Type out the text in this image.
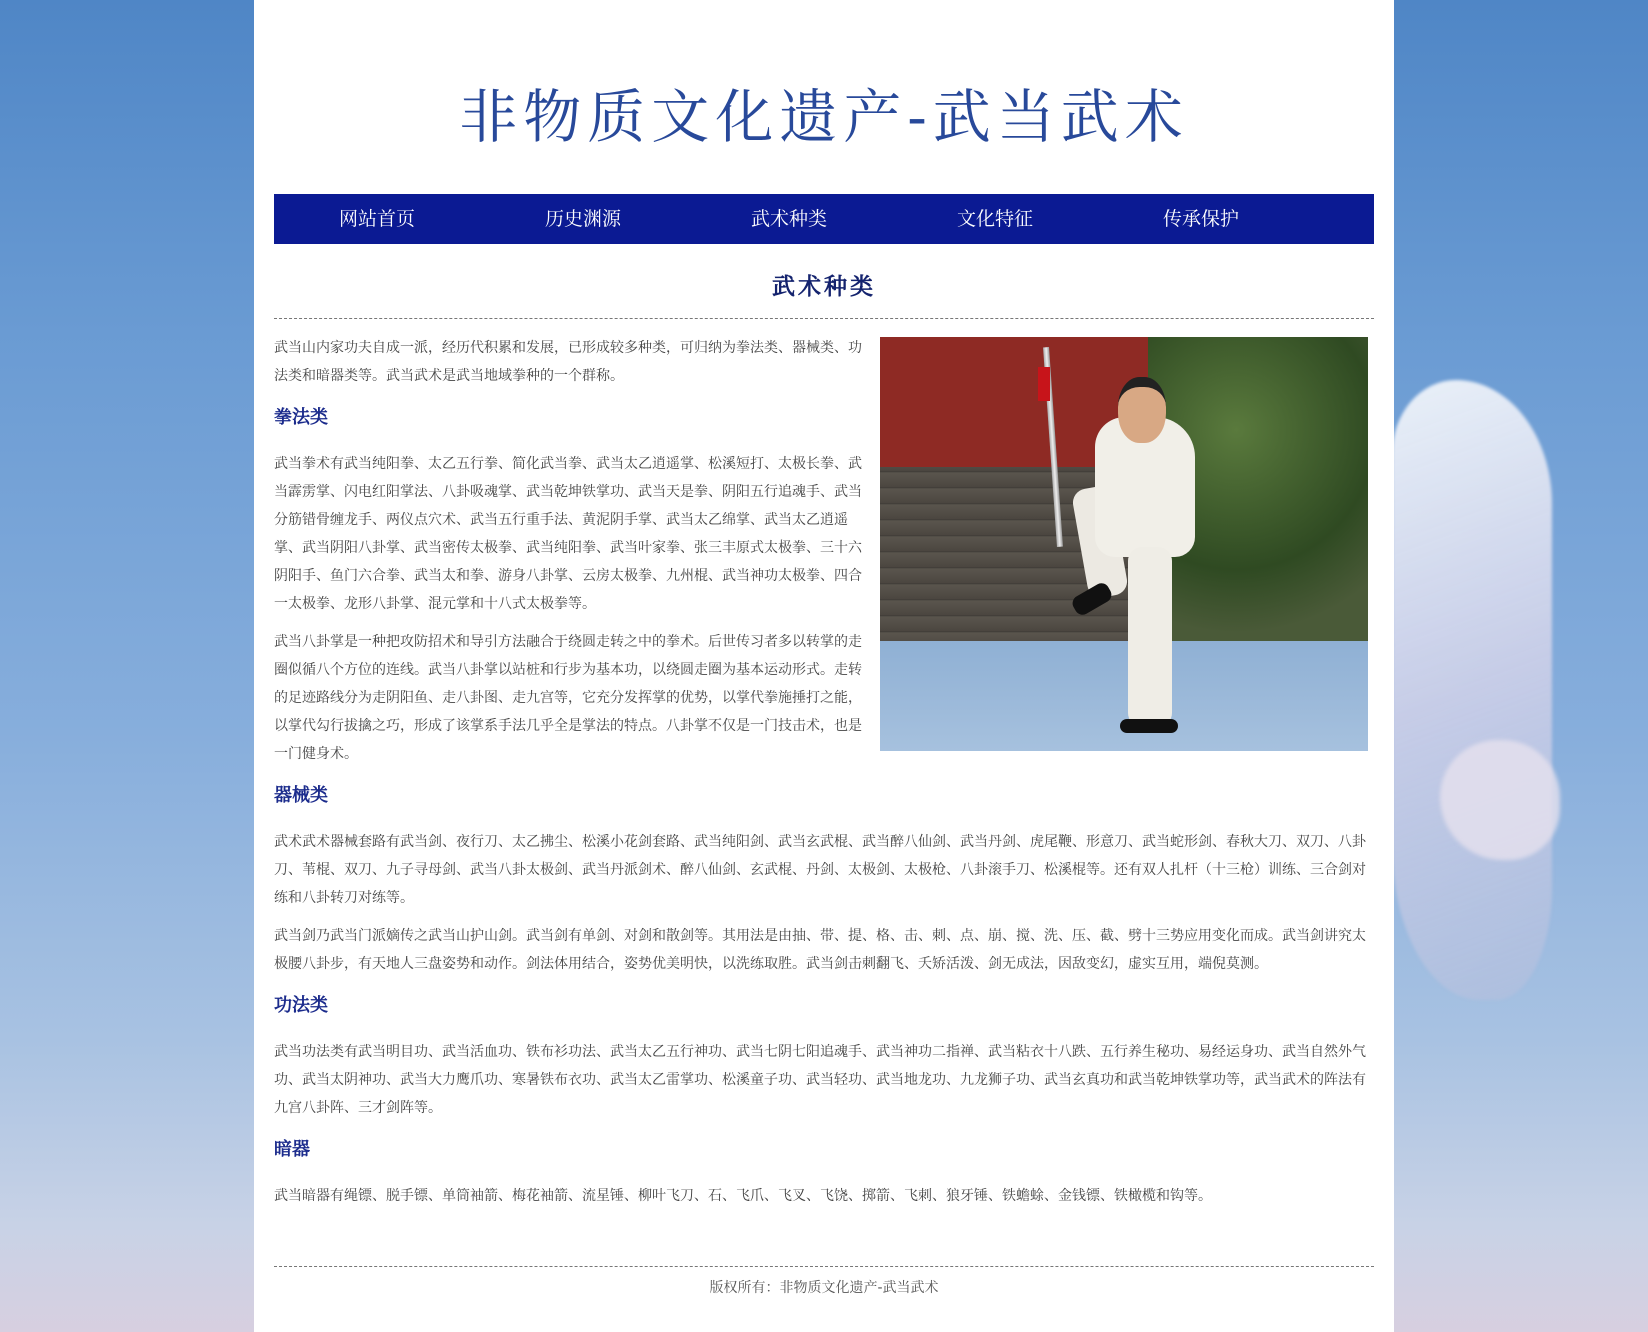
非物质文化遗产-武当武术
网站首页	历史渊源	武术种类	文化特征	传承保护
武术种类

武当山内家功夫自成一派，经历代积累和发展，已形成较多种类，可归纳为拳法类、器械类、功法类和暗器类等。武当武术是武当地域拳种的一个群称。

拳法类

武当拳术有武当纯阳拳、太乙五行拳、简化武当拳、武当太乙逍遥掌、松溪短打、太极长拳、武当霹雳掌、闪电红阳掌法、八卦吸魂掌、武当乾坤铁掌功、武当天是拳、阴阳五行追魂手、武当分筋错骨缠龙手、两仪点穴术、武当五行重手法、黄泥阴手掌、武当太乙绵掌、武当太乙逍遥掌、武当阴阳八卦掌、武当密传太极拳、武当纯阳拳、武当叶家拳、张三丰原式太极拳、三十六阴阳手、鱼门六合拳、武当太和拳、游身八卦掌、云房太极拳、九州棍、武当神功太极拳、四合一太极拳、龙形八卦掌、混元掌和十八式太极拳等。

武当八卦掌是一种把攻防招术和导引方法融合于绕圆走转之中的拳术。后世传习者多以转掌的走圈似循八个方位的连线。武当八卦掌以站桩和行步为基本功，以绕圆走圈为基本运动形式。走转的足迹路线分为走阴阳鱼、走八卦图、走九宫等，它充分发挥掌的优势，以掌代拳施捶打之能，以掌代勾行拔擒之巧，形成了该掌系手法几乎全是掌法的特点。八卦掌不仅是一门技击术，也是一门健身术。

器械类

武术武术器械套路有武当剑、夜行刀、太乙拂尘、松溪小花剑套路、武当纯阳剑、武当玄武棍、武当醉八仙剑、武当丹剑、虎尾鞭、形意刀、武当蛇形剑、春秋大刀、双刀、八卦刀、苇棍、双刀、九子寻母剑、武当八卦太极剑、武当丹派剑术、醉八仙剑、玄武棍、丹剑、太极剑、太极枪、八卦滚手刀、松溪棍等。还有双人扎杆（十三枪）训练、三合剑对练和八卦转刀对练等。

武当剑乃武当门派嫡传之武当山护山剑。武当剑有单剑、对剑和散剑等。其用法是由抽、带、提、格、击、刺、点、崩、搅、洗、压、截、劈十三势应用变化而成。武当剑讲究太极腰八卦步，有天地人三盘姿势和动作。剑法体用结合，姿势优美明快，以洗练取胜。武当剑击刺翻飞、夭矫活泼、剑无成法，因敌变幻，虚实互用，端倪莫测。

功法类

武当功法类有武当明目功、武当活血功、铁布衫功法、武当太乙五行神功、武当七阴七阳追魂手、武当神功二指禅、武当粘衣十八跌、五行养生秘功、易经运身功、武当自然外气功、武当太阴神功、武当大力鹰爪功、寒暑铁布衣功、武当太乙雷掌功、松溪童子功、武当轻功、武当地龙功、九龙狮子功、武当玄真功和武当乾坤铁掌功等，武当武术的阵法有九宫八卦阵、三才剑阵等。

暗器

武当暗器有绳镖、脱手镖、单筒袖箭、梅花袖箭、流星锤、柳叶飞刀、石、飞爪、飞叉、飞饶、掷箭、飞刺、狼牙锤、铁蟾蜍、金钱镖、铁橄榄和钩等。

版权所有：非物质文化遗产-武当武术
